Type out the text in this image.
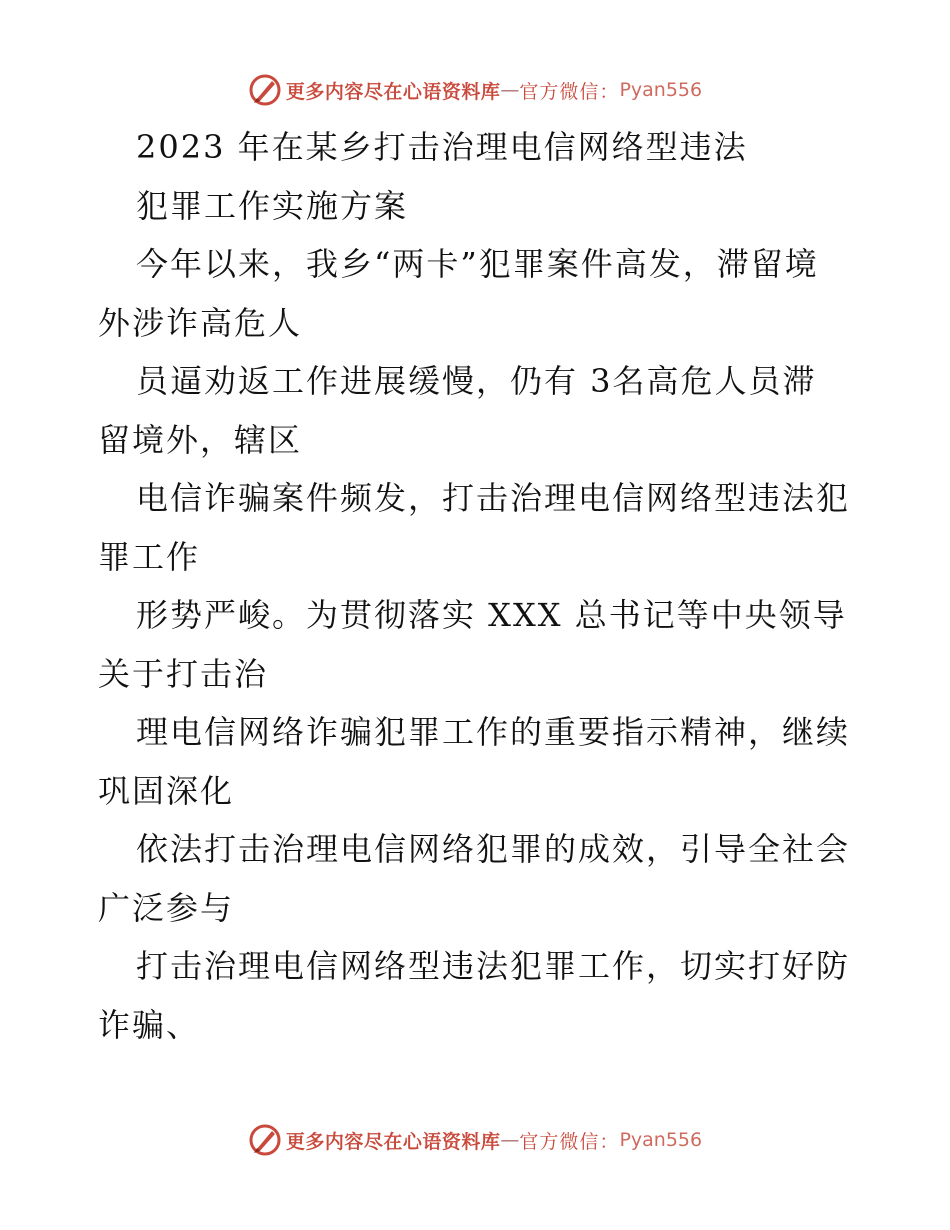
更多内容尽在心语资料库 — 官方微信： Pyan556
2023 年在某乡打击治理电信网络型违法
犯罪工作实施方案
今年以来，我乡“两卡”犯罪案件高发，滞留境
外涉诈高危人
员逼劝返工作进展缓慢，仍有 3名高危人员滞
留境外，辖区
电信诈骗案件频发，打击治理电信网络型违法犯
罪工作
形势严峻。为贯彻落实 XXX 总书记等中央领导
关于打击治
理电信网络诈骗犯罪工作的重要指示精神，继续
巩固深化
依法打击治理电信网络犯罪的成效，引导全社会
广泛参与
打击治理电信网络型违法犯罪工作，切实打好防
诈骗、
更多内容尽在心语资料库 — 官方微信： Pyan556
